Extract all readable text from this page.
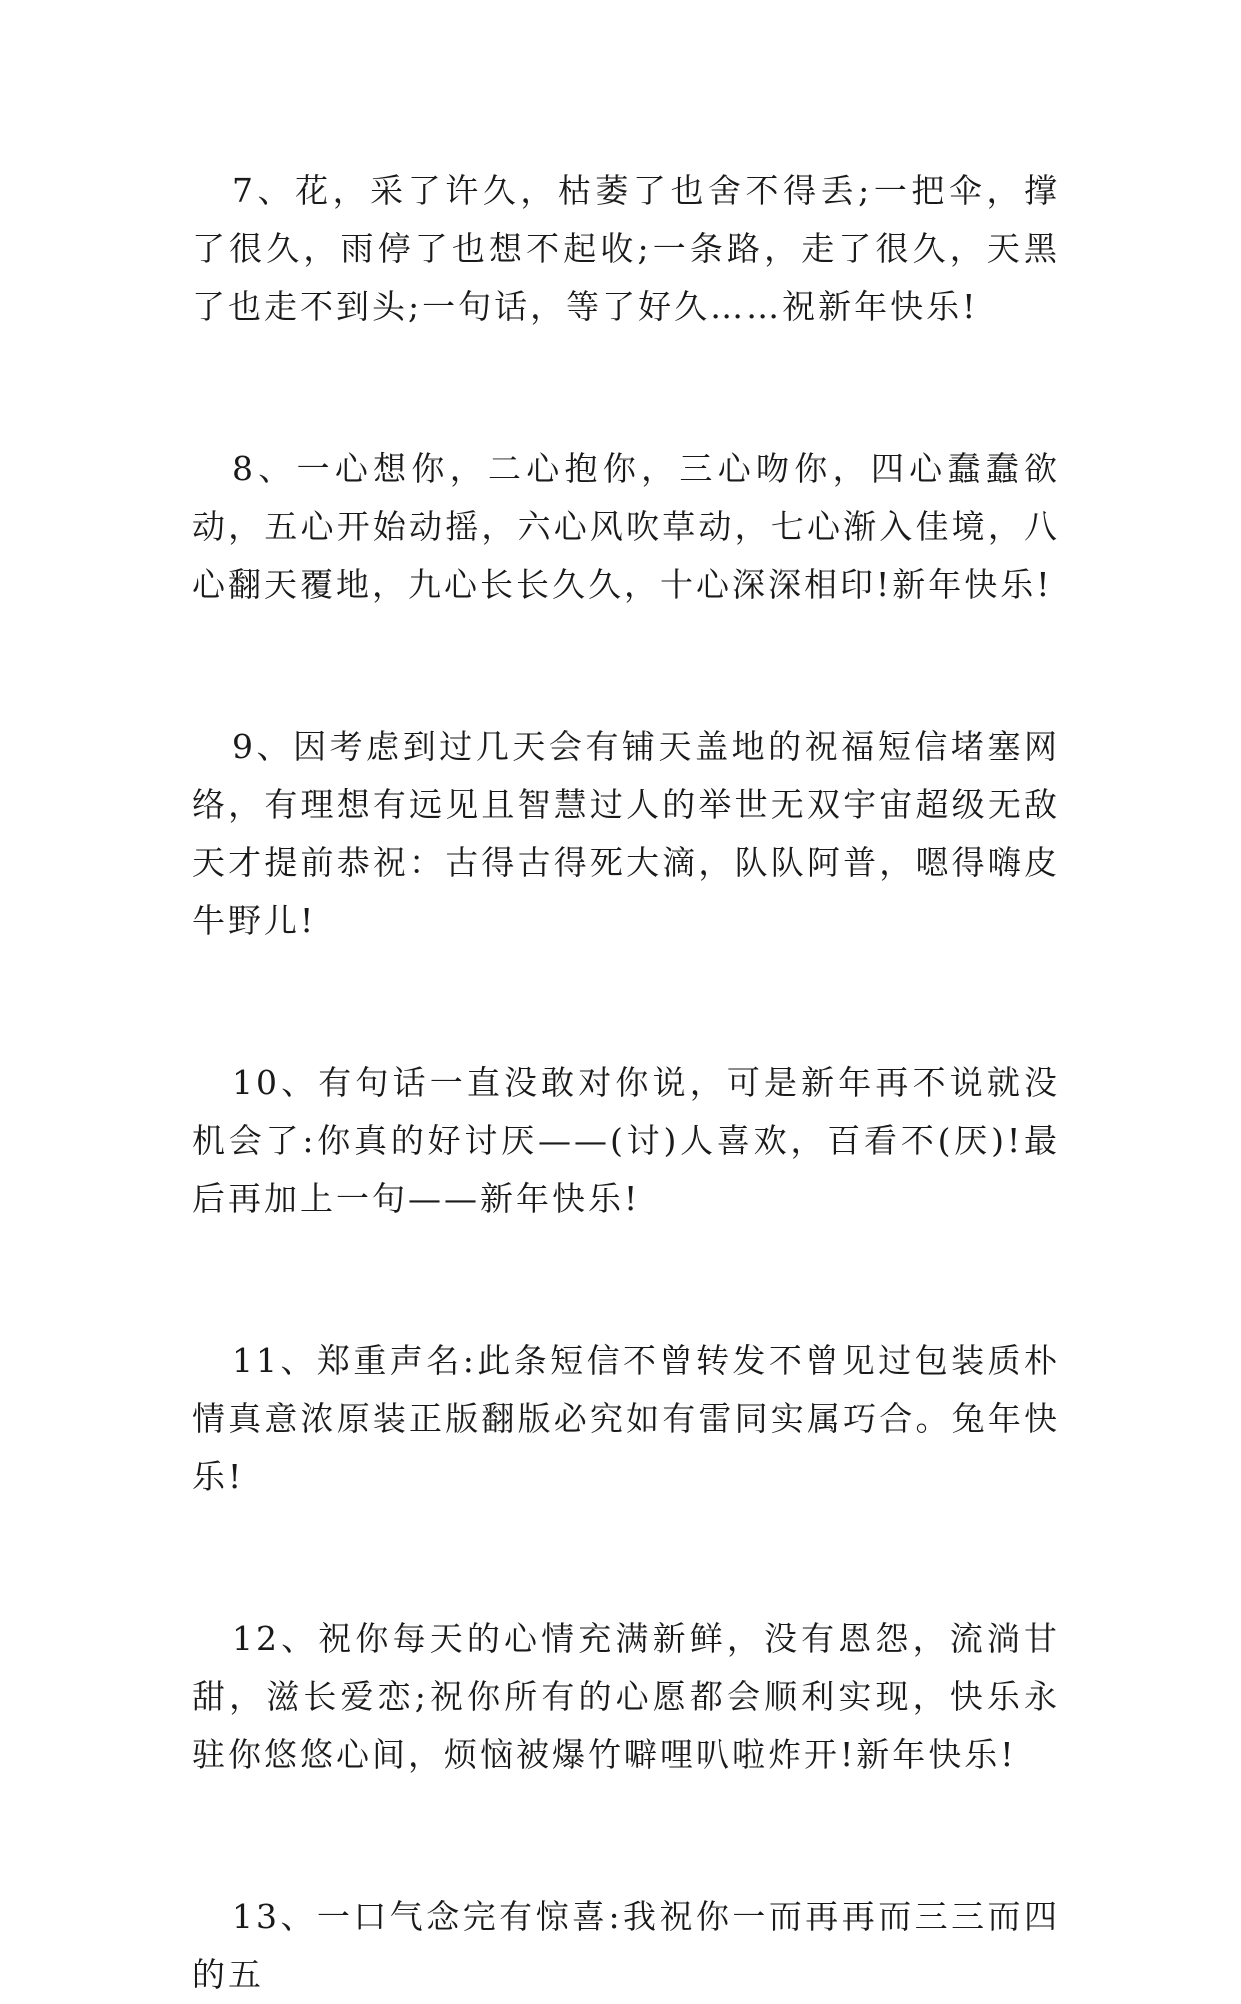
7、花，采了许久，枯萎了也舍不得丢;一把伞，撑了很久，雨停了也想不起收;一条路，走了很久，天黑了也走不到头;一句话，等了好久……祝新年快乐!

8、一心想你，二心抱你，三心吻你，四心蠢蠢欲动，五心开始动摇，六心风吹草动，七心渐入佳境，八心翻天覆地，九心长长久久，十心深深相印!新年快乐!

9、因考虑到过几天会有铺天盖地的祝福短信堵塞网络，有理想有远见且智慧过人的举世无双宇宙超级无敌天才提前恭祝：古得古得死大滴，队队阿普，嗯得嗨皮牛野儿!

10、有句话一直没敢对你说，可是新年再不说就没机会了:你真的好讨厌——(讨)人喜欢，百看不(厌)!最后再加上一句——新年快乐!

11、郑重声名:此条短信不曾转发不曾见过包装质朴情真意浓原装正版翻版必究如有雷同实属巧合。兔年快乐!

12、祝你每天的心情充满新鲜，没有恩怨，流淌甘甜，滋长爱恋;祝你所有的心愿都会顺利实现，快乐永驻你悠悠心间，烦恼被爆竹噼哩叭啦炸开!新年快乐!

13、一口气念完有惊喜:我祝你一而再再而三三而四的五
